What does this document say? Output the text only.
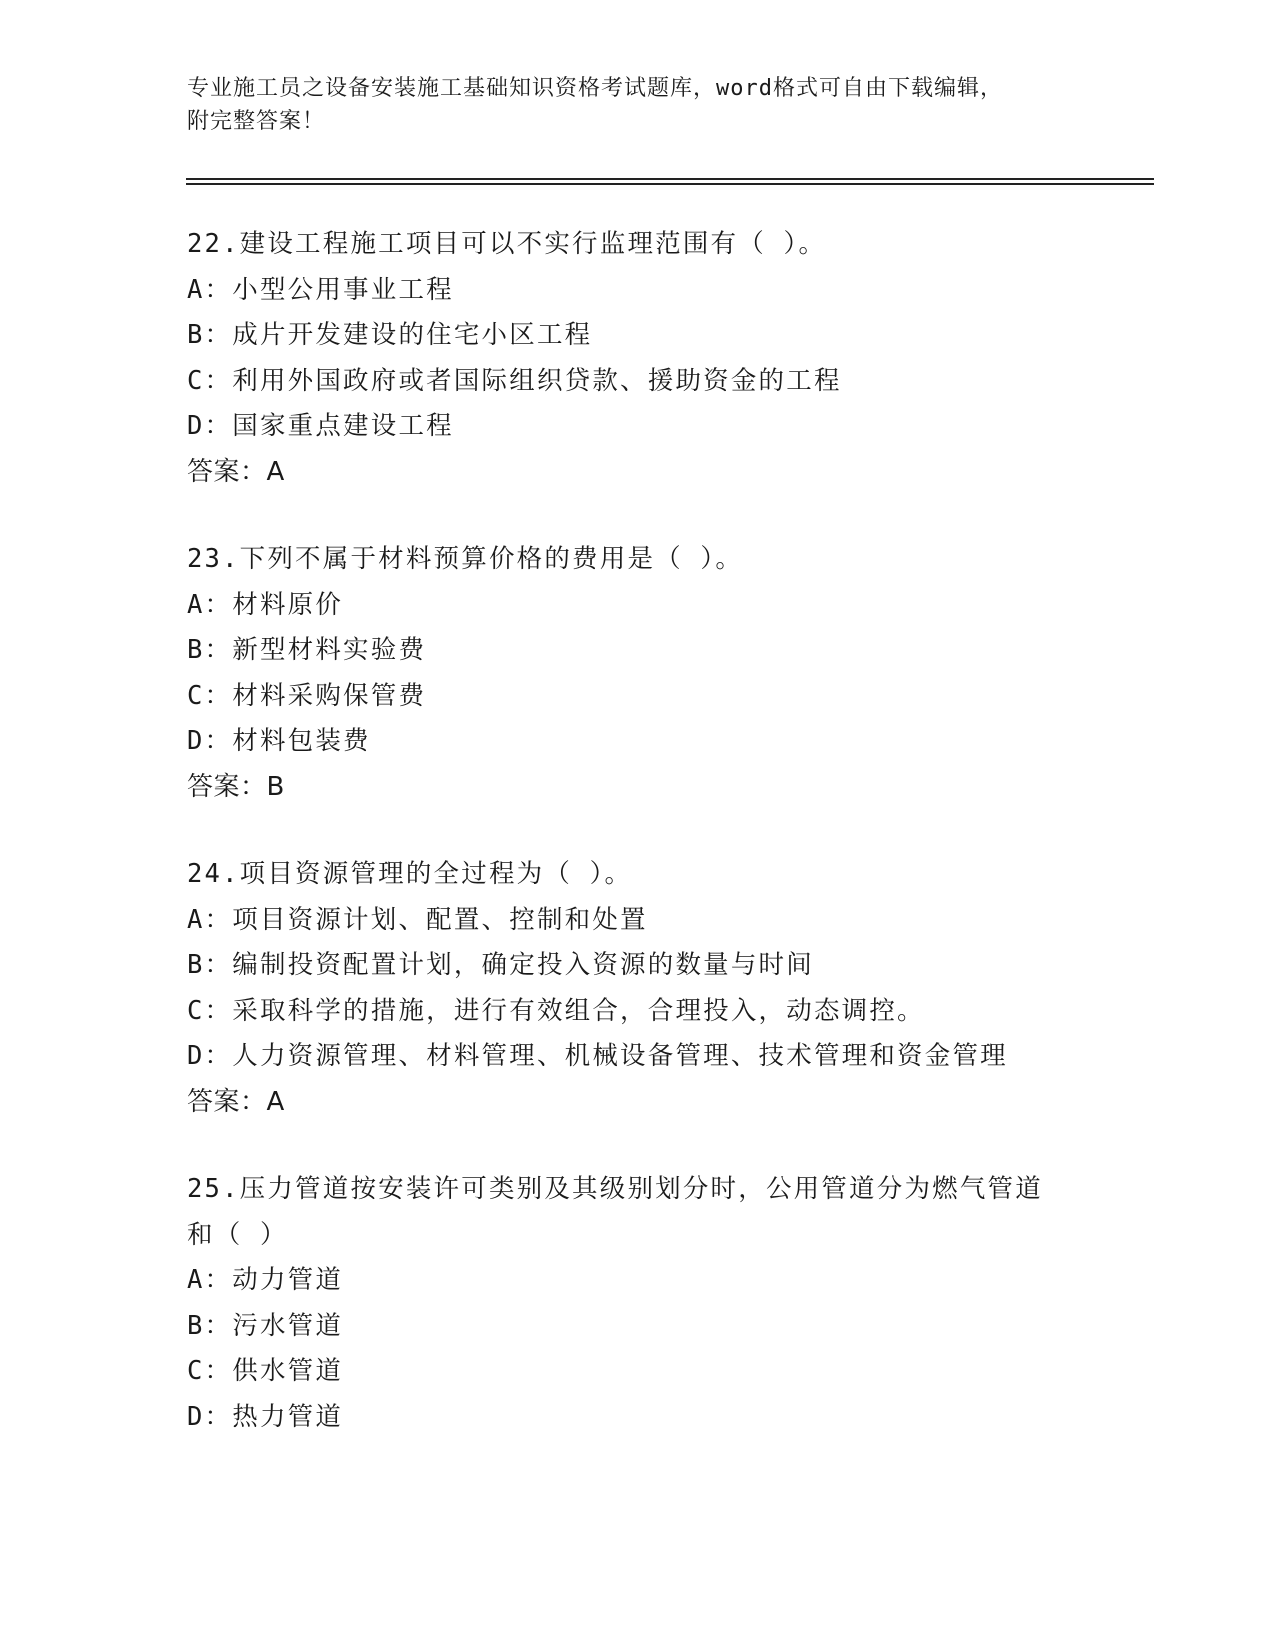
专业施工员之设备安装施工基础知识资格考试题库，word格式可自由下载编辑，
附完整答案！
22.建设工程施工项目可以不实行监理范围有（ ）。
A：小型公用事业工程
B：成片开发建设的住宅小区工程
C：利用外国政府或者国际组织贷款、援助资金的工程
D：国家重点建设工程
答案：A
23.下列不属于材料预算价格的费用是（ ）。
A：材料原价
B：新型材料实验费
C：材料采购保管费
D：材料包装费
答案：B
24.项目资源管理的全过程为（ ）。
A：项目资源计划、配置、控制和处置
B：编制投资配置计划，确定投入资源的数量与时间
C：采取科学的措施，进行有效组合，合理投入，动态调控。
D：人力资源管理、材料管理、机械设备管理、技术管理和资金管理
答案：A
25.压力管道按安装许可类别及其级别划分时，公用管道分为燃气管道
和（ ）
A：动力管道
B：污水管道
C：供水管道
D：热力管道
